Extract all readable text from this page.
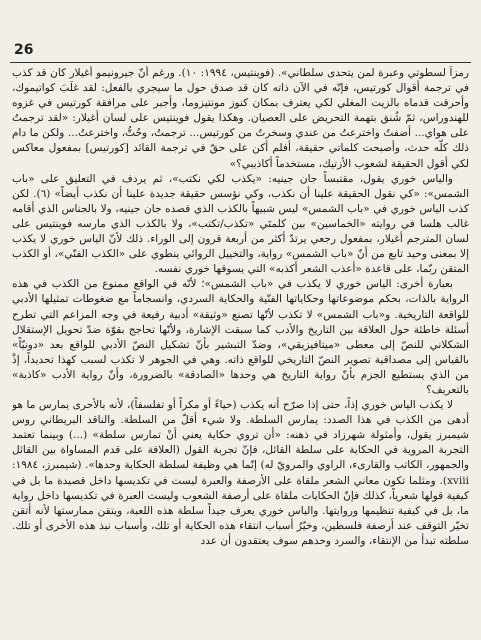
26

رمزاً لسطوتي وعبرة لمن يتحدى سلطاني». (فوينتيس، ١٩٩٤: ١٠). ورغم أنّ جيرونيمو أغيلار كان قد كذب في ترجمة أقوال كورتيس، فإنّه في الآن ذاته كان قد صدق حول ما سيجري بالفعل: لقد غلَبَ كواتيموك، وأحرقت قدماه بالزيت المغلي لكي يعترف بمكان كنوز مونتيزوما، وأجبر على مرافقة كورتيس في غزوه للهندوراس، ثمّ شُنق بتهمة التحريض على العصيان. وهكذا يقول فوينتيس على لسان أغيلار: «لقد ترجمتُ على هواي... أضفتُ واخترعتُ من عندي وسخرتُ من كورتيس... ترجمتُ، وحُتُّ، واخترعتُ... ولكن ما دام ذلك كلّه حدث، وأصبحت كلماتي حقيقة، أفلم أكن على حقّ في ترجمة القائد [كورتيس] بمفعول معاكس لكي أقول الحقيقة لشعوب الأزتيك، مستخدماً أكاذيبي؟»

والياس خوري يقول، مقتبساً جان جينيه: «يكذب لكي نكتب»، ثم يردف في التعليق على «باب الشمس»: «كي نقول الحقيقة علينا أن نكذب، وكي نؤسس حقيقة جديدة علينا أن نكذب أيضاً» (٦). لكن كذب الياس خوري في «باب الشمس» ليس شبيهاً بالكذب الذي قصده جان جينيه، ولا بالجناس الذي أقامه غالب هلسا في روايته «الخماسين» بين كلمتَي «تكذب/تكتب»، ولا بالكذب الذي مارسه فوينتيس على لسان المترجم أغيلار، بمفعول رجعي يرتدّ أكثر من أربعة قرون إلى الوراء. ذلك لأنّ الياس خوري لا يكذب إلا بمعنى وحيد تابع من أنّ «باب الشمس» رواية، والتخييل الروائي ينطوي على «الكذب الفنّي»، أو الكذب المتقن ربّما، على قاعدة «أعذب الشعر أكذبه» التي يسوقها خوري نفسه.

بعبارة أخرى: الياس خوري لا يكذب في «باب الشمس»؛ لأنّه في الواقع ممنوع من الكذب في هذه الرواية بالذات، بحكم موضوعاتها وحكاياتها الفنّية والحكاية السردي، وانسجاماً مع ضغوطات تمثيلها الأدبي للواقعة التاريخية. و«باب الشمس» لا تكذب لأنّها تصنع «وثيقة» أدبية رفيعة في وجه المزاعم التي تطرح أسئلة خاطئة حول العلاقة بين التاريخ والأدب كما سبقت الإشارة، ولأنّها تحاجج بقوّة ضدّ تحويل الإستقلال الشكلاني للنصّ إلى معطى «ميتافيزيقي»، وضدّ التبشير بأنّ تشكيل النصّ الأدبي للواقع بعد «دونيّاً» بالقياس إلى مصداقية تصوير النصّ التاريخي للواقع ذاته. وهي في الجوهر لا تكذب لسبب كهذا تحديداً، إذْ من الذي يستطيع الجزم بأنّ رواية التاريخ هي وحدها «الصادقة» بالضرورة، وأنّ رواية الأدب «كاذبة» بالتعريف؟

لا يكذب الياس خوري إذاً، حتى إذا صرّح أنه يكذب (حياءً أو مكراً أو تفلسفاً)، لأنه بالأحرى يمارس ما هو أدهى من الكذب في هذا الصدد: يمارس السلطة. ولا شيء أقلّ من السلطة. والناقد البريطاني روس شيمبرز يقول، وأمثولة شهرزاد في ذهنه: «أن تروي حكاية يعني أنْ تمارس سلطة» (...) وبينما تعتمد التجربة المروية في الحكاية على سلطة القائل، فإنّ تجربة القول (العلاقة على قدم المساواة بين القائل والجمهور، الكاتب والقارىء، الراوي والمرويّ له) إنّما هي وظيفة لسلطة الحكاية وحدها». (شيمبرز، ١٩٨٤: xviii). ومثلما تكون معاني الشعر ملقاة على الأرصفة والعبرة ليست في تكديسها داخل قصيدة ما بل في كيفية قولها شعرياً، كذلك فإنّ الحكايات ملقاة على أرصفة الشعوب وليست العبرة في تكديسها داخل رواية ما، بل في كيفية تنظيمها وروايتها. والياس خوري يعرف جيداً سلطة هذه اللعبة، ويتقن ممارستها لأنه أتقن تخيّر التوقف عند أرصفة فلسطين، وخيّرُ أسباب انتقاء هذه الحكاية أو تلك، وأسباب نبذ هذه الأخرى أو تلك. سلطته تبدأ من الإنتقاء، والسرد وحدهم سوف يعتقدون أن عدد
